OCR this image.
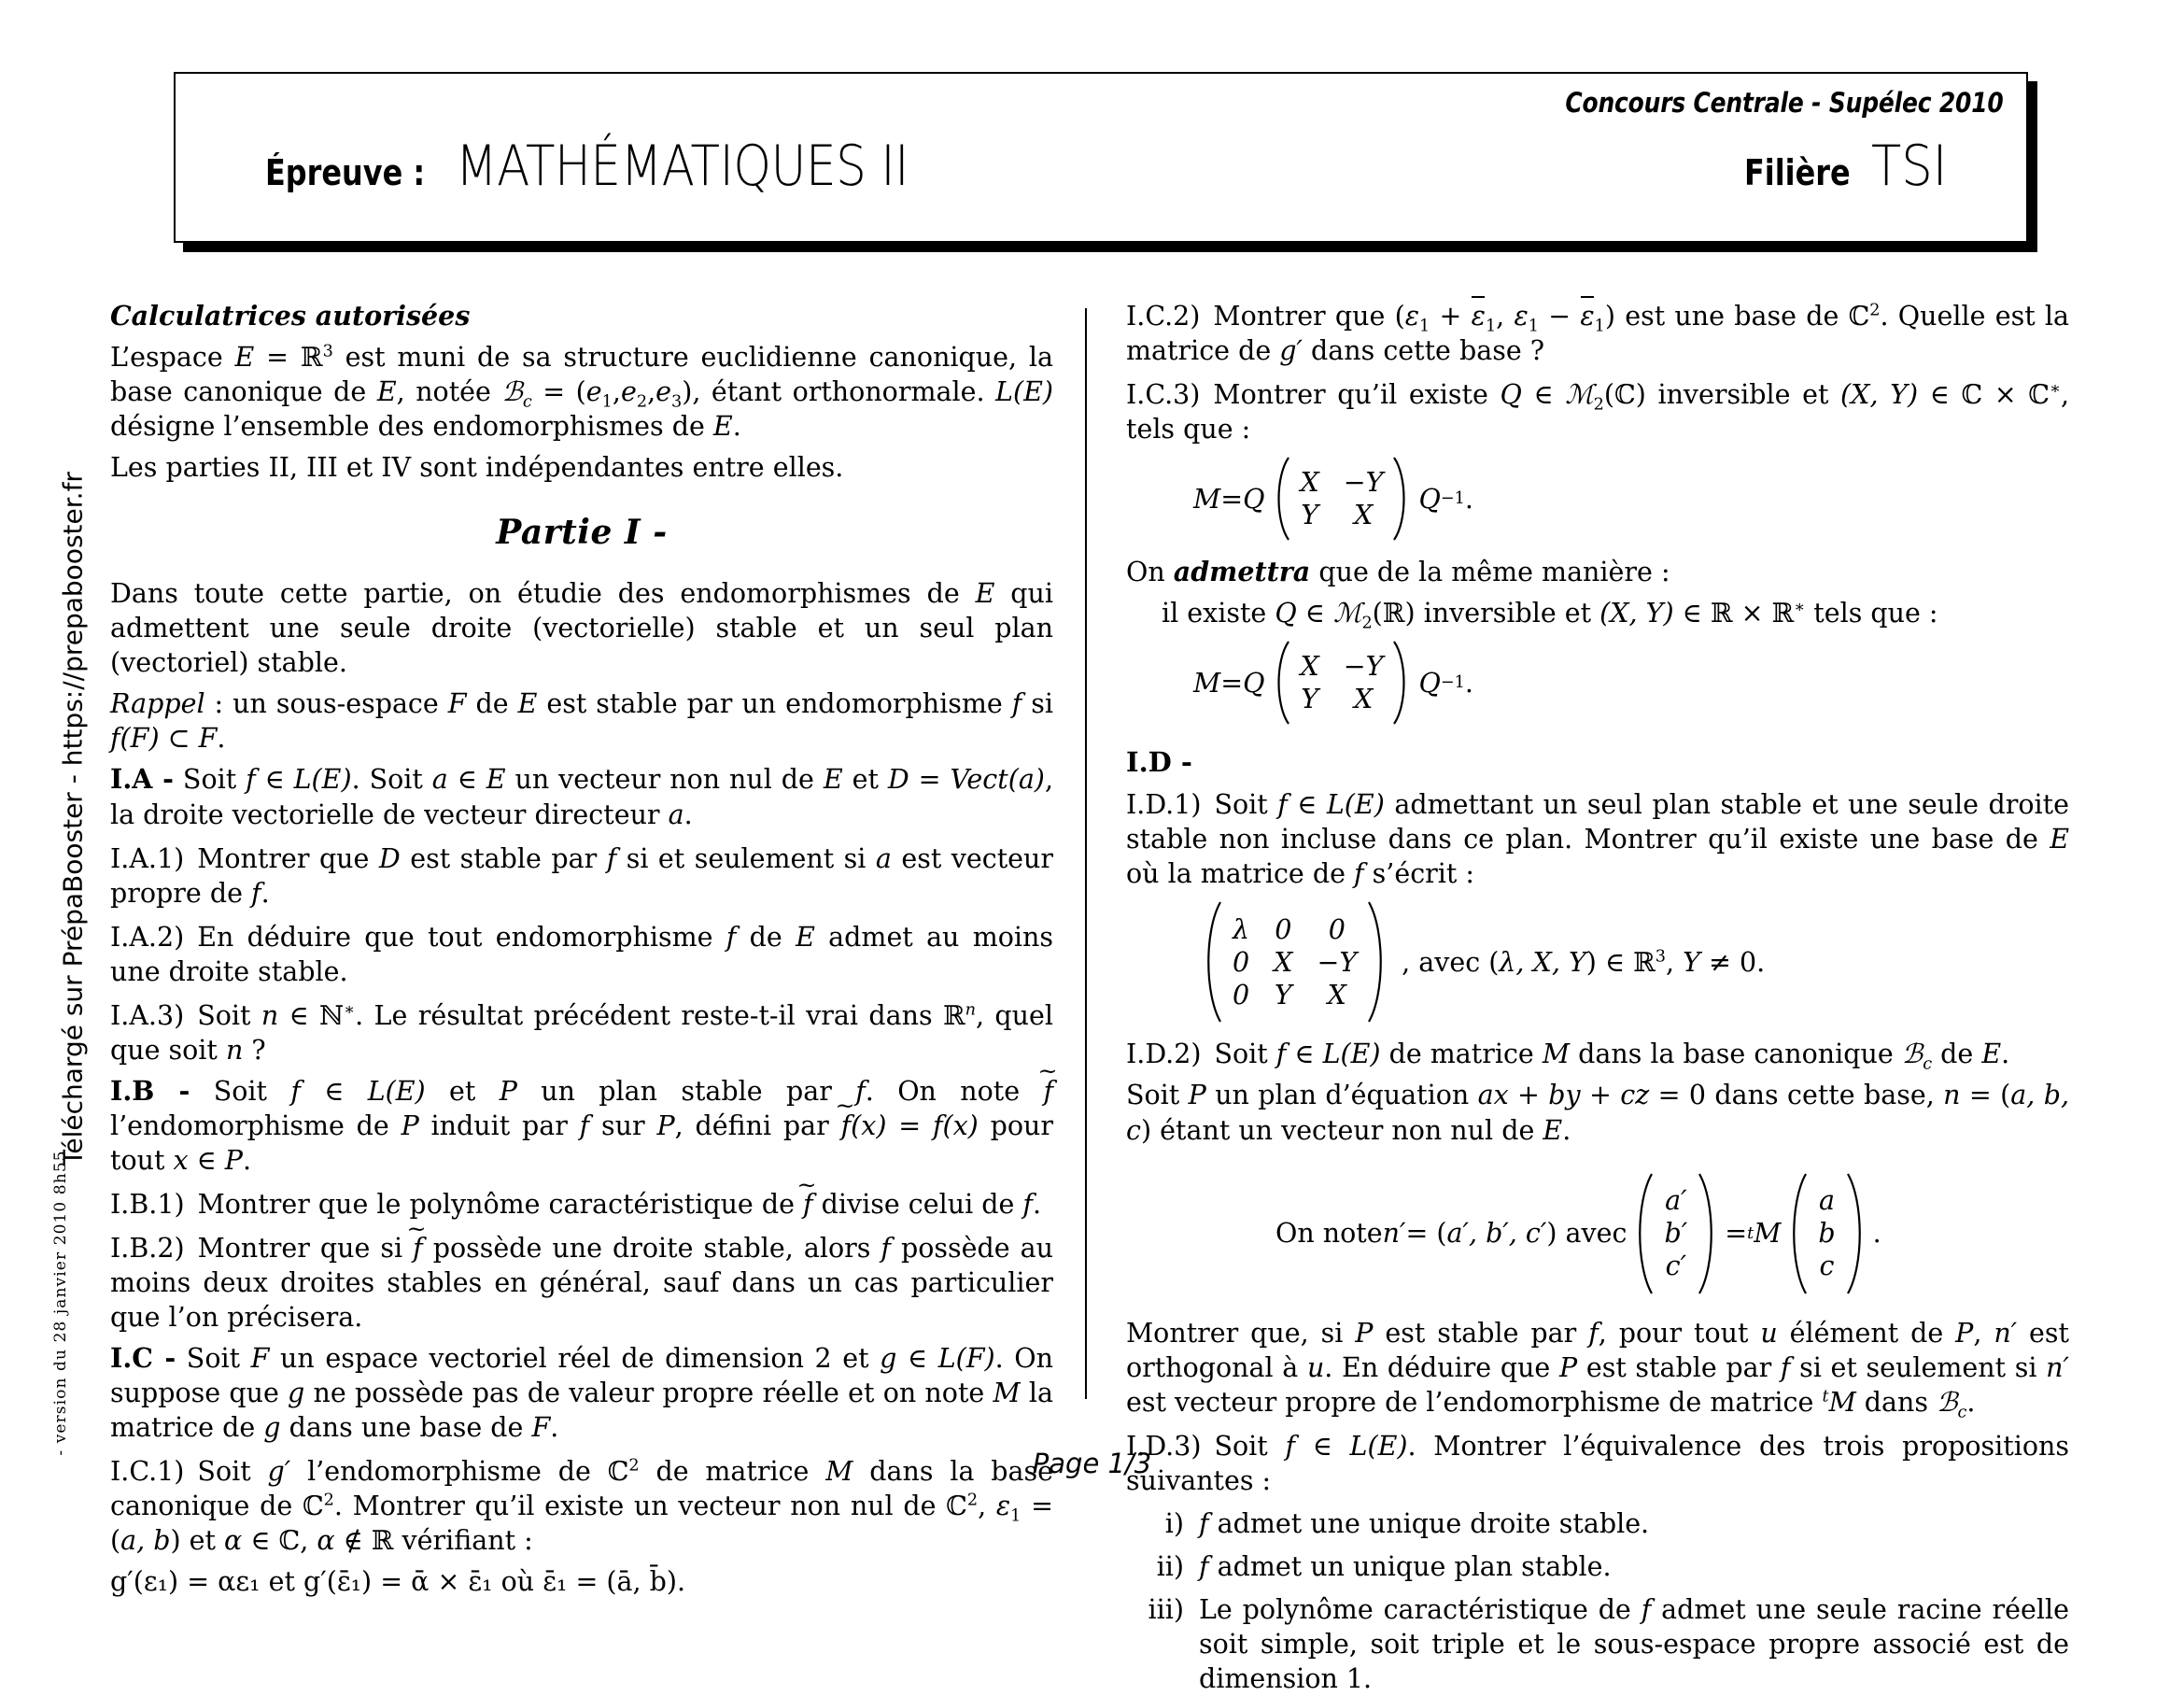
Concours Centrale - Supélec 2010
Épreuve : MATHÉMATIQUES II	Filière TSI
Téléchargé sur PrépaBooster - https://prepabooster.fr
- version du 28 janvier 2010 8h55

Calculatrices autorisées

L’espace E = ℝ$^3$ est muni de sa structure euclidienne canonique, la base canonique de E, notée ℬ$_c$ = $(e_1,e_2,e_3)$, étant orthonormale. L(E) désigne l’ensemble des endomorphismes de E.

Les parties II, III et IV sont indépendantes entre elles.

Partie I -

Dans toute cette partie, on étudie des endomorphismes de E qui admettent une seule droite (vectorielle) stable et un seul plan (vectoriel) stable.

Rappel : un sous-espace F de E est stable par un endomorphisme f si f(F) ⊂ F.

I.A - Soit f ∈ L(E). Soit a ∈ E un vecteur non nul de E et D = Vect(a), la droite vectorielle de vecteur directeur a.

I.A.1) Montrer que D est stable par f si et seulement si a est vecteur propre de f.

I.A.2) En déduire que tout endomorphisme f de E admet au moins une droite stable.

I.A.3) Soit n ∈ ℕ∗. Le résultat précédent reste-t-il vrai dans ℝ$^n$, quel que soit n ?

I.B - Soit f ∈ L(E) et P un plan stable par f. On note f ~ l’endomorphisme de P induit par f sur P, défini par f ~(x) = f(x) pour tout x ∈ P.

I.B.1) Montrer que le polynôme caractéristique de f ~ divise celui de f.

I.B.2) Montrer que si f ~ possède une droite stable, alors f possède au moins deux droites stables en général, sauf dans un cas particulier que l’on précisera.

I.C - Soit F un espace vectoriel réel de dimension 2 et g ∈ L(F). On suppose que g ne possède pas de valeur propre réelle et on note M la matrice de g dans une base de F.

I.C.1) Soit g′ l’endomorphisme de ℂ$^2$ de matrice M dans la base canonique de ℂ$^2$. Montrer qu’il existe un vecteur non nul de ℂ$^2$, $\varepsilon_1 = (a$, b) et α ∈ ℂ, α ∉ ℝ vérifiant :

g′(ε₁) = αε₁ et g′(ε̄₁) = ᾱ × ε̄₁ où ε̄₁ = (ā, b̄).

I.C.2) Montrer que ($\varepsilon_1 + \varepsilon_1$, $\varepsilon_1 - \varepsilon_1$) est une base de ℂ$^2$. Quelle est la matrice de g′ dans cette base ?

I.C.3) Montrer qu’il existe Q ∈ ℳ$_2$(ℂ) inversible et (X, Y) ∈ ℂ × ℂ∗, tels que :

M = Q
X −Y
Y X
Q −1 .

On admettra que de la même manière :

il existe Q ∈ ℳ$_2$(ℝ) inversible et (X, Y) ∈ ℝ × ℝ∗ tels que :

M = Q
X −Y
Y X
Q −1 .
I.D -

I.D.1) Soit f ∈ L(E) admettant un seul plan stable et une seule droite stable non incluse dans ce plan. Montrer qu’il existe une base de E où la matrice de f s’écrit :

λ 0 0
0 X −Y
0 Y X
, avec (λ, X, Y) ∈ ℝ$^3$, Y ≠ 0.

I.D.2) Soit f ∈ L(E) de matrice M dans la base canonique ℬ$_c$ de E.

Soit P un plan d’équation ax + by + cz = 0 dans cette base, n = (a, b, c) étant un vecteur non nul de E.

On note n′ = ( a′, b′, c′ ) avec
a′
b′
c′
= t M
a
b
c
.

Montrer que, si P est stable par f, pour tout u élément de P, n′ est orthogonal à u. En déduire que P est stable par f si et seulement si n′ est vecteur propre de l’endomorphisme de matrice $^t$M dans ℬ$_c$.

I.D.3) Soit f ∈ L(E). Montrer l’équivalence des trois propositions suivantes :

i) f admet une unique droite stable.
ii) f admet un unique plan stable.
iii) Le polynôme caractéristique de f admet une seule racine réelle soit simple, soit triple et le sous-espace propre associé est de dimension 1.
Page 1/3
